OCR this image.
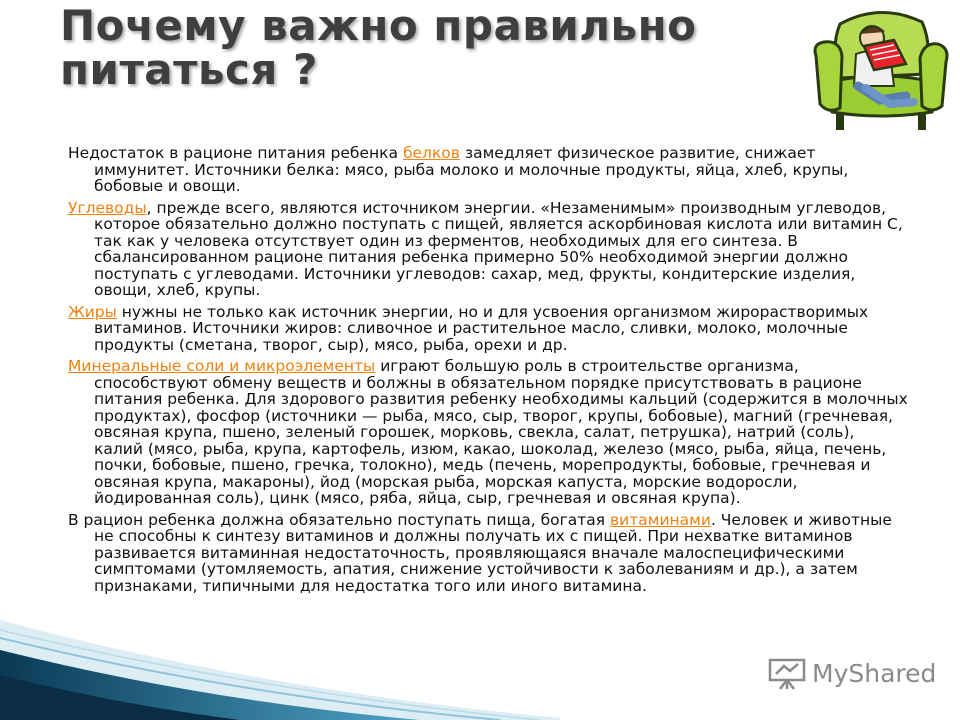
Почему важно правильно
питаться ?

Недостаток в рационе питания ребенка белков замедляет физическое развитие, снижает иммунитет. Источники белка: мясо, рыба молоко и молочные продукты, яйца, хлеб, крупы, бобовые и овощи.

Углеводы, прежде всего, являются источником энергии. «Незаменимым» производным углеводов, которое обязательно должно поступать с пищей, является аскорбиновая кислота или витамин С, так как у человека отсутствует один из ферментов, необходимых для его синтеза. В сбалансированном рационе питания ребенка примерно 50% необходимой энергии должно поступать с углеводами. Источники углеводов: сахар, мед, фрукты, кондитерские изделия, овощи, хлеб, крупы.

Жиры нужны не только как источник энергии, но и для усвоения организмом жирорастворимых витаминов. Источники жиров: сливочное и растительное масло, сливки, молоко, молочные продукты (сметана, творог, сыр), мясо, рыба, орехи и др.

Минеральные соли и микроэлементы играют большую роль в строительстве организма, способствуют обмену веществ и болжны в обязательном порядке присутствовать в рационе питания ребенка. Для здорового развития ребенку необходимы кальций (содержится в молочных продуктах), фосфор (источники — рыба, мясо, сыр, творог, крупы, бобовые), магний (гречневая, овсяная крупа, пшено, зеленый горошек, морковь, свекла, салат, петрушка), натрий (соль), калий (мясо, рыба, крупа, картофель, изюм, какао, шоколад, железо (мясо, рыба, яйца, печень, почки, бобовые, пшено, гречка, толокно), медь (печень, морепродукты, бобовые, гречневая и овсяная крупа, макароны), йод (морская рыба, морская капуста, морские водоросли, йодированная соль), цинк (мясо, ряба, яйца, сыр, гречневая и овсяная крупа).

В рацион ребенка должна обязательно поступать пища, богатая витаминами. Человек и животные не способны к синтезу витаминов и должны получать их с пищей. При нехватке витаминов развивается витаминная недостаточность, проявляющаяся вначале малоспецифическими симптомами (утомляемость, апатия, снижение устойчивости к заболеваниям и др.), а затем признаками, типичными для недостатка того или иного витамина.

MyShared
